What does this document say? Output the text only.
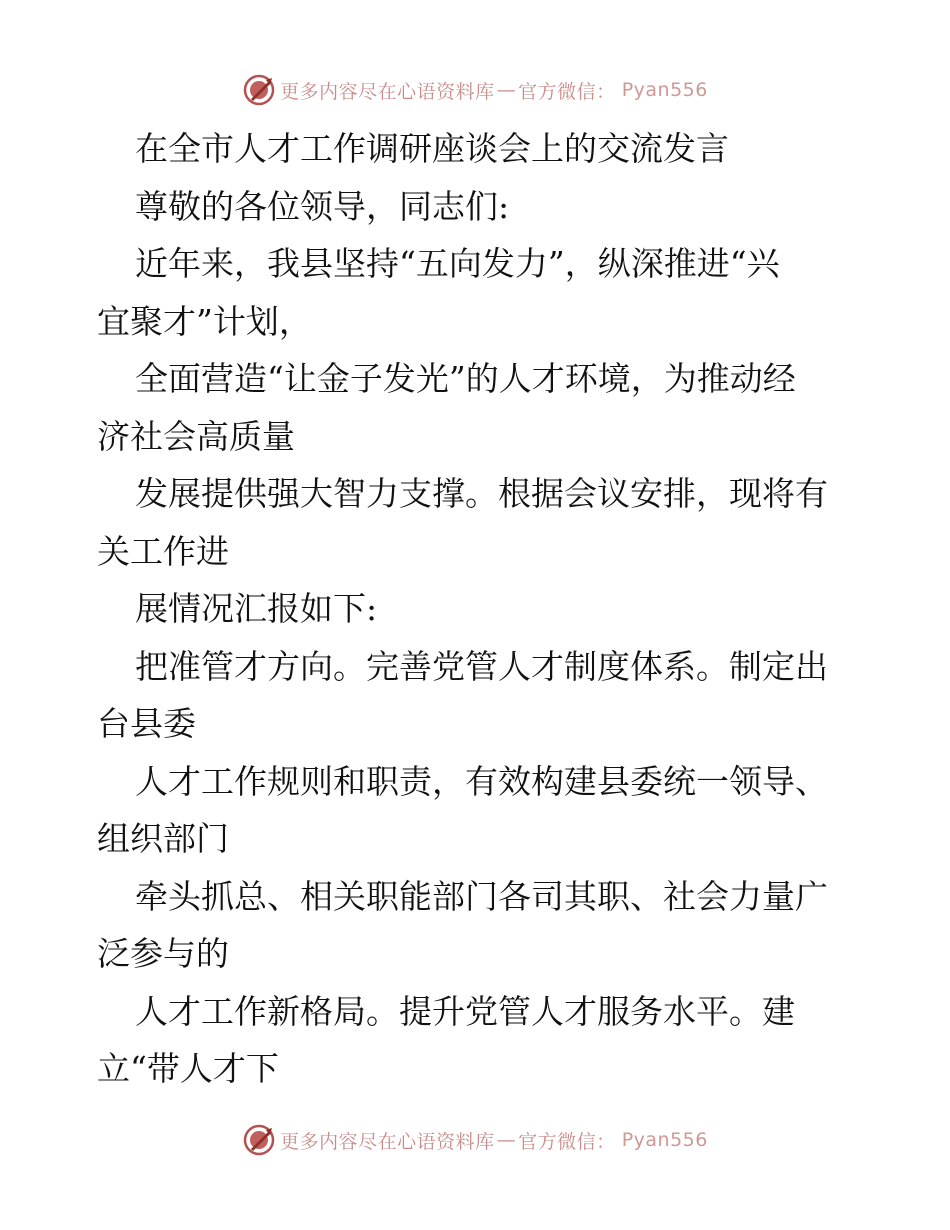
更多内容尽在心语资料库 — 官方微信： Pyan556
在全市人才工作调研座谈会上的交流发言
尊敬的各位领导，同志们:
近年来，我县坚持“五向发力”，纵深推进“兴
宜聚才”计划，
全面营造“让金子发光”的人才环境，为推动经
济社会高质量
发展提供强大智力支撑。根据会议安排，现将有
关工作进
展情况汇报如下:
把准管才方向。完善党管人才制度体系。制定出
台县委
人才工作规则和职责，有效构建县委统一领导、
组织部门
牵头抓总、相关职能部门各司其职、社会力量广
泛参与的
人才工作新格局。提升党管人才服务水平。建
立“带人才下
更多内容尽在心语资料库 — 官方微信： Pyan556
